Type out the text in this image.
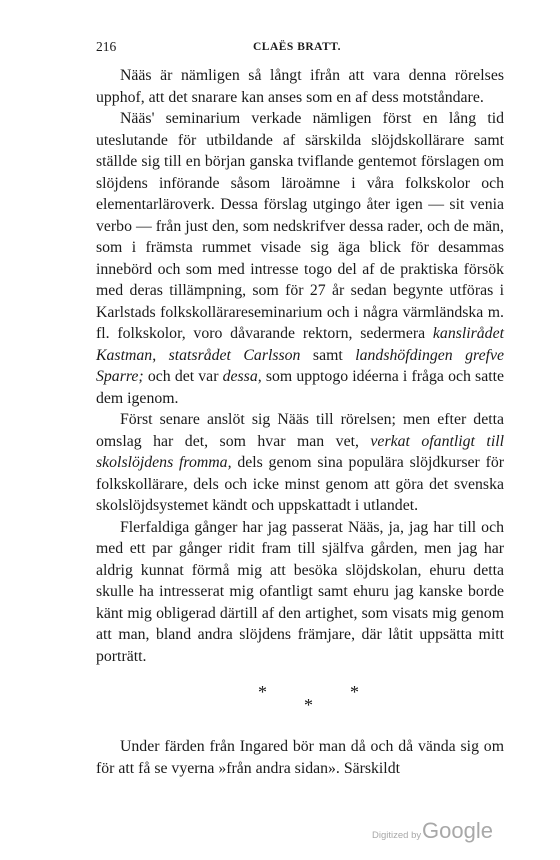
216	CLAËS BRATT.

Nääs är nämligen så långt ifrån att vara denna rörelses upphof, att det snarare kan anses som en af dess motståndare.

Nääs' seminarium verkade nämligen först en lång tid uteslutande för utbildande af särskilda slöjdskollärare samt ställde sig till en början ganska tviflande gentemot förslagen om slöjdens införande såsom läroämne i våra folkskolor och elementarläroverk. Dessa förslag utgingo åter igen — sit venia verbo — från just den, som nedskrifver dessa rader, och de män, som i främsta rummet visade sig äga blick för desammas innebörd och som med intresse togo del af de praktiska försök med deras tillämpning, som för 27 år sedan begynte utföras i Karlstads folkskollärareseminarium och i några värmländska m. fl. folkskolor, voro dåvarande rektorn, sedermera kanslirådet Kastman, statsrådet Carlsson samt landshöfdingen grefve Sparre; och det var dessa, som upptogo idéerna i fråga och satte dem igenom.

Först senare anslöt sig Nääs till rörelsen; men efter detta omslag har det, som hvar man vet, verkat ofantligt till skolslöjdens fromma, dels genom sina populära slöjdkurser för folkskollärare, dels och icke minst genom att göra det svenska skolslöjdsystemet kändt och uppskattadt i utlandet.

Flerfaldiga gånger har jag passerat Nääs, ja, jag har till och med ett par gånger ridit fram till själfva gården, men jag har aldrig kunnat förmå mig att besöka slöjdskolan, ehuru detta skulle ha intresserat mig ofantligt samt ehuru jag kanske borde känt mig obligerad därtill af den artighet, som visats mig genom att man, bland andra slöjdens främjare, där låtit uppsätta mitt porträtt.

*	*
*

Under färden från Ingared bör man då och då vända sig om för att få se vyerna »från andra sidan». Särskildt

Digitized by Google
